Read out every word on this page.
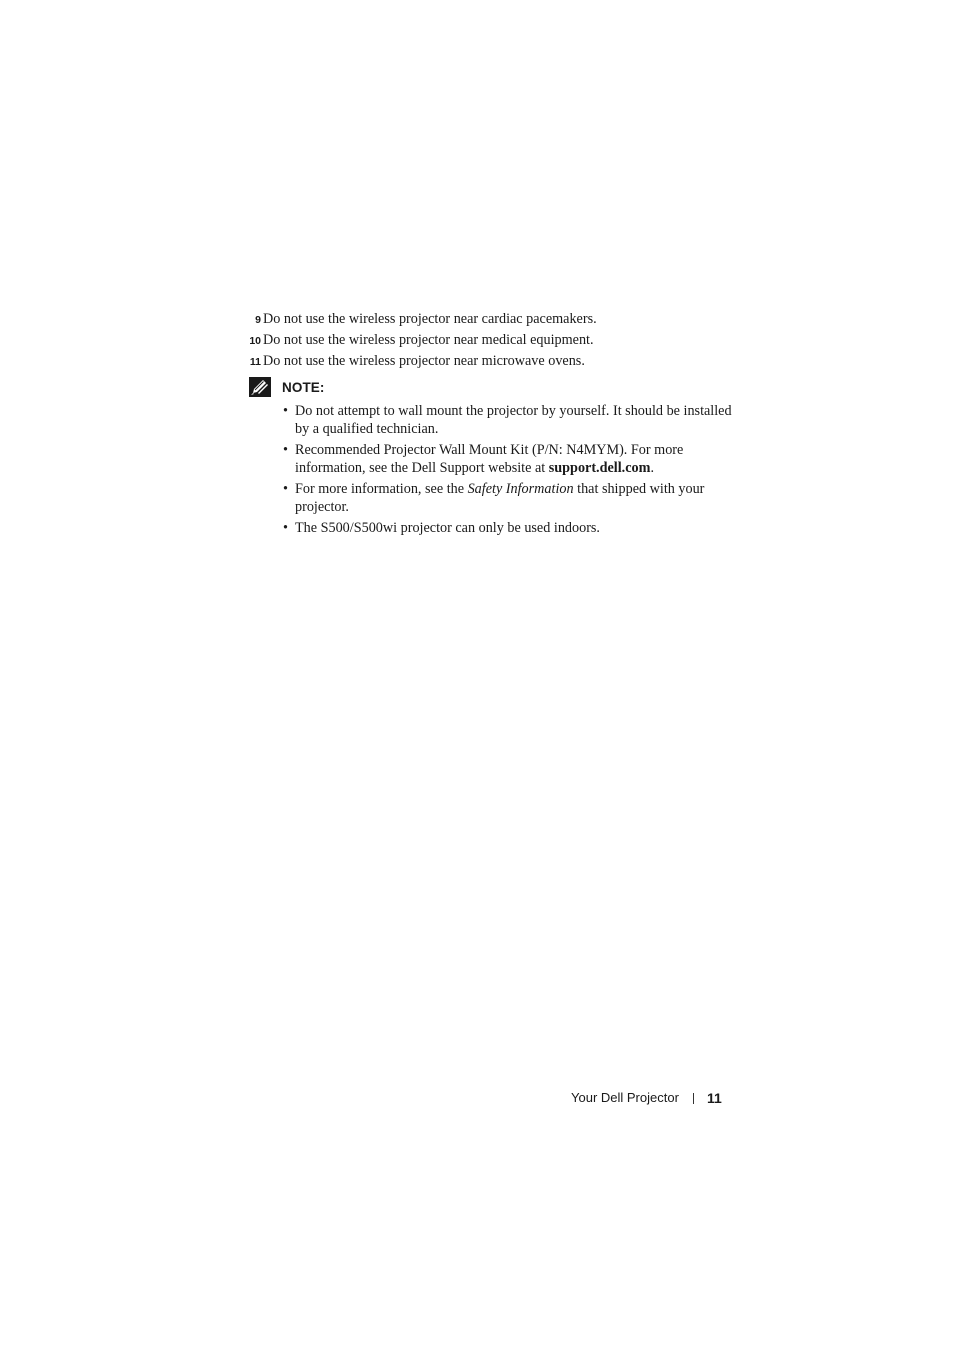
9 Do not use the wireless projector near cardiac pacemakers.
10 Do not use the wireless projector near medical equipment.
11 Do not use the wireless projector near microwave ovens.
NOTE:
• Do not attempt to wall mount the projector by yourself. It should be installed by a qualified technician.
• Recommended Projector Wall Mount Kit (P/N: N4MYM). For more information, see the Dell Support website at support.dell.com.
• For more information, see the Safety Information that shipped with your projector.
• The S500/S500wi projector can only be used indoors.
Your Dell Projector 11
